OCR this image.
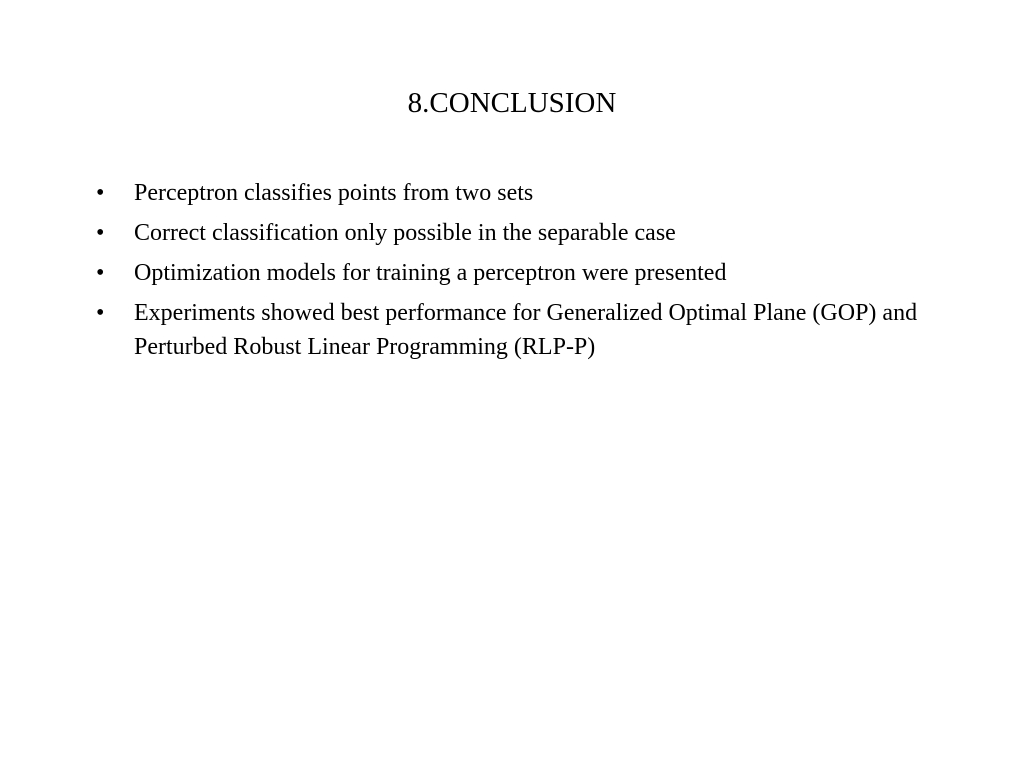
8.CONCLUSION
•	Perceptron classifies points from two sets
•	Correct classification only possible in the separable case
•	Optimization models for training a perceptron were presented
•	Experiments showed best performance for Generalized Optimal Plane (GOP) and Perturbed Robust Linear Programming (RLP-P)
